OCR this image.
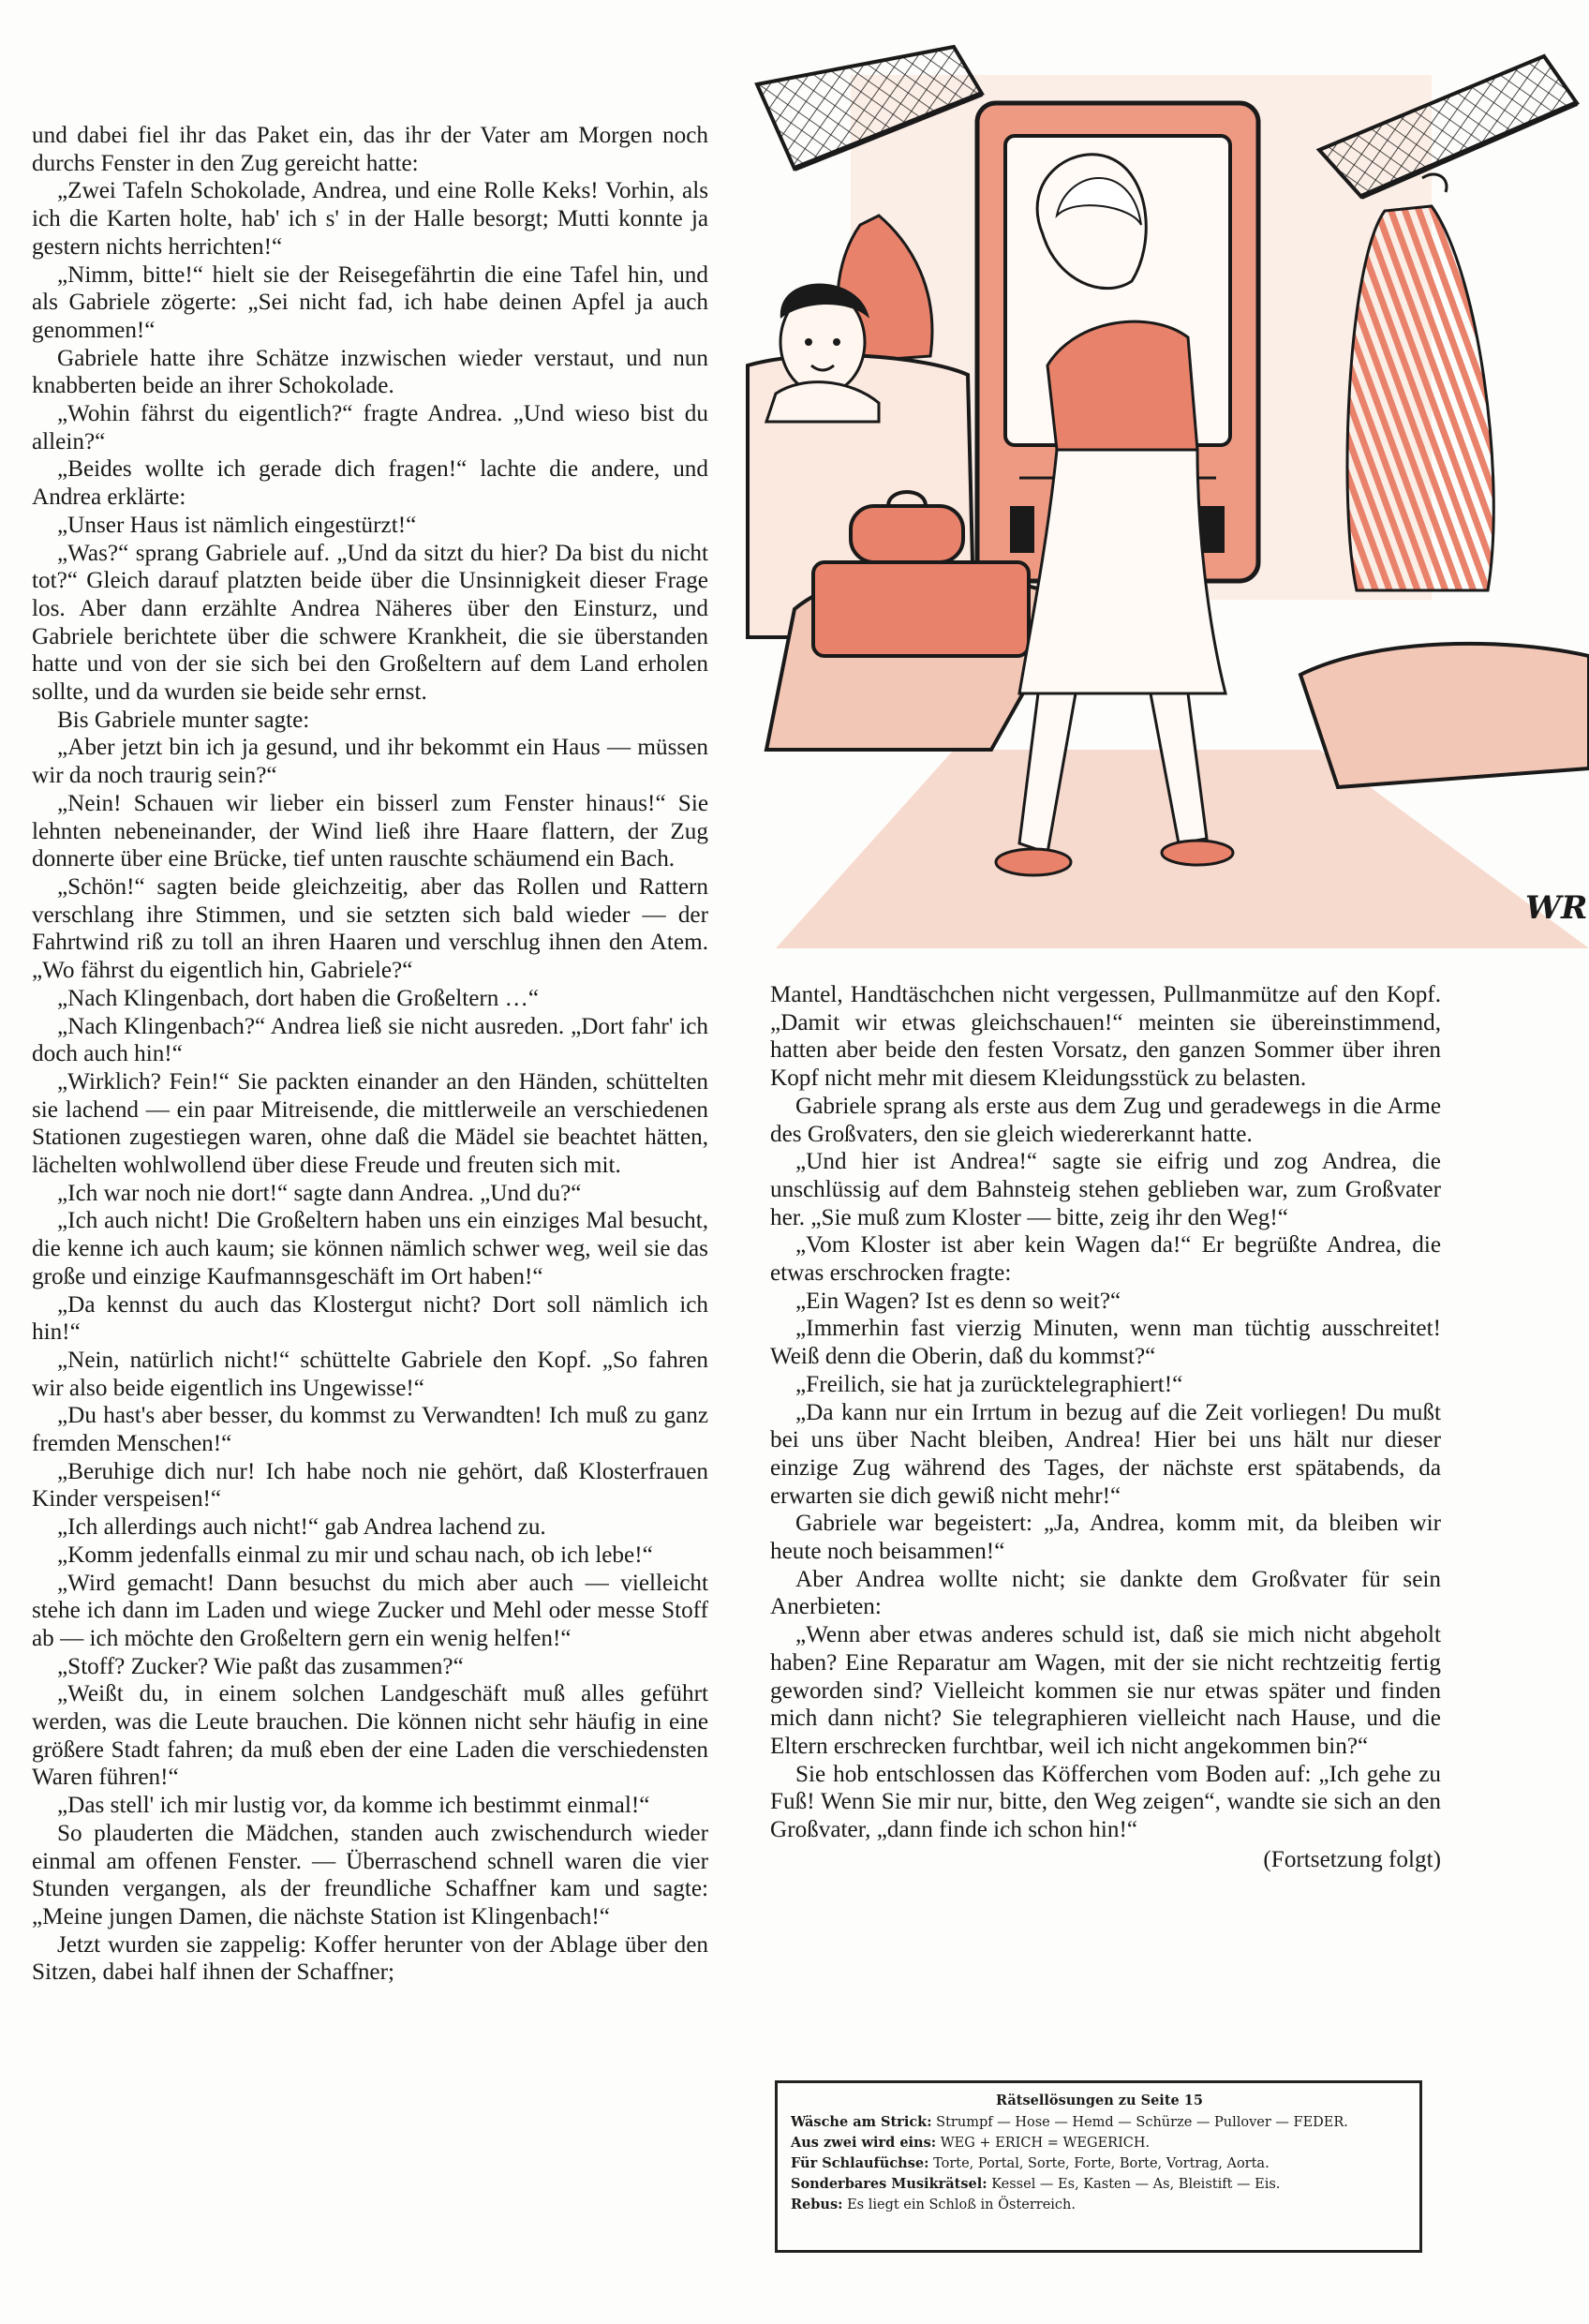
und dabei fiel ihr das Paket ein, das ihr der Vater am Morgen noch durchs Fenster in den Zug gereicht hatte:

„Zwei Tafeln Schokolade, Andrea, und eine Rolle Keks! Vorhin, als ich die Karten holte, hab' ich s' in der Halle besorgt; Mutti konnte ja gestern nichts herrichten!“

„Nimm, bitte!“ hielt sie der Reisegefährtin die eine Tafel hin, und als Gabriele zögerte: „Sei nicht fad, ich habe deinen Apfel ja auch genommen!“

Gabriele hatte ihre Schätze inzwischen wieder verstaut, und nun knabberten beide an ihrer Schokolade.

„Wohin fährst du eigentlich?“ fragte Andrea. „Und wieso bist du allein?“

„Beides wollte ich gerade dich fragen!“ lachte die andere, und Andrea erklärte:

„Unser Haus ist nämlich eingestürzt!“

„Was?“ sprang Gabriele auf. „Und da sitzt du hier? Da bist du nicht tot?“ Gleich darauf platzten beide über die Unsinnigkeit dieser Frage los. Aber dann erzählte Andrea Näheres über den Einsturz, und Gabriele berichtete über die schwere Krankheit, die sie überstanden hatte und von der sie sich bei den Großeltern auf dem Land erholen sollte, und da wurden sie beide sehr ernst.

Bis Gabriele munter sagte:

„Aber jetzt bin ich ja gesund, und ihr bekommt ein Haus — müssen wir da noch traurig sein?“

„Nein! Schauen wir lieber ein bisserl zum Fenster hinaus!“ Sie lehnten nebeneinander, der Wind ließ ihre Haare flattern, der Zug donnerte über eine Brücke, tief unten rauschte schäumend ein Bach.

„Schön!“ sagten beide gleichzeitig, aber das Rollen und Rattern verschlang ihre Stimmen, und sie setzten sich bald wieder — der Fahrtwind riß zu toll an ihren Haaren und verschlug ihnen den Atem. „Wo fährst du eigentlich hin, Gabriele?“

„Nach Klingenbach, dort haben die Großeltern …“

„Nach Klingenbach?“ Andrea ließ sie nicht ausreden. „Dort fahr' ich doch auch hin!“

„Wirklich? Fein!“ Sie packten einander an den Händen, schüttelten sie lachend — ein paar Mitreisende, die mittlerweile an verschiedenen Stationen zugestiegen waren, ohne daß die Mädel sie beachtet hätten, lächelten wohlwollend über diese Freude und freuten sich mit.

„Ich war noch nie dort!“ sagte dann Andrea. „Und du?“

„Ich auch nicht! Die Großeltern haben uns ein einziges Mal besucht, die kenne ich auch kaum; sie können nämlich schwer weg, weil sie das große und einzige Kaufmannsgeschäft im Ort haben!“

„Da kennst du auch das Klostergut nicht? Dort soll nämlich ich hin!“

„Nein, natürlich nicht!“ schüttelte Gabriele den Kopf. „So fahren wir also beide eigentlich ins Ungewisse!“

„Du hast's aber besser, du kommst zu Verwandten! Ich muß zu ganz fremden Menschen!“

„Beruhige dich nur! Ich habe noch nie gehört, daß Klosterfrauen Kinder verspeisen!“

„Ich allerdings auch nicht!“ gab Andrea lachend zu.

„Komm jedenfalls einmal zu mir und schau nach, ob ich lebe!“

„Wird gemacht! Dann besuchst du mich aber auch — vielleicht stehe ich dann im Laden und wiege Zucker und Mehl oder messe Stoff ab — ich möchte den Großeltern gern ein wenig helfen!“

„Stoff? Zucker? Wie paßt das zusammen?“

„Weißt du, in einem solchen Landgeschäft muß alles geführt werden, was die Leute brauchen. Die können nicht sehr häufig in eine größere Stadt fahren; da muß eben der eine Laden die verschiedensten Waren führen!“

„Das stell' ich mir lustig vor, da komme ich bestimmt einmal!“

So plauderten die Mädchen, standen auch zwischendurch wieder einmal am offenen Fenster. — Überraschend schnell waren die vier Stunden vergangen, als der freundliche Schaffner kam und sagte: „Meine jungen Damen, die nächste Station ist Klingenbach!“

Jetzt wurden sie zappelig: Koffer herunter von der Ablage über den Sitzen, dabei half ihnen der Schaffner;

WR

Mantel, Handtäschchen nicht vergessen, Pullmanmütze auf den Kopf. „Damit wir etwas gleichschauen!“ meinten sie übereinstimmend, hatten aber beide den festen Vorsatz, den ganzen Sommer über ihren Kopf nicht mehr mit diesem Kleidungsstück zu belasten.

Gabriele sprang als erste aus dem Zug und geradewegs in die Arme des Großvaters, den sie gleich wiedererkannt hatte.

„Und hier ist Andrea!“ sagte sie eifrig und zog Andrea, die unschlüssig auf dem Bahnsteig stehen geblieben war, zum Großvater her. „Sie muß zum Kloster — bitte, zeig ihr den Weg!“

„Vom Kloster ist aber kein Wagen da!“ Er begrüßte Andrea, die etwas erschrocken fragte:

„Ein Wagen? Ist es denn so weit?“

„Immerhin fast vierzig Minuten, wenn man tüchtig ausschreitet! Weiß denn die Oberin, daß du kommst?“

„Freilich, sie hat ja zurücktelegraphiert!“

„Da kann nur ein Irrtum in bezug auf die Zeit vorliegen! Du mußt bei uns über Nacht bleiben, Andrea! Hier bei uns hält nur dieser einzige Zug während des Tages, der nächste erst spätabends, da erwarten sie dich gewiß nicht mehr!“

Gabriele war begeistert: „Ja, Andrea, komm mit, da bleiben wir heute noch beisammen!“

Aber Andrea wollte nicht; sie dankte dem Großvater für sein Anerbieten:

„Wenn aber etwas anderes schuld ist, daß sie mich nicht abgeholt haben? Eine Reparatur am Wagen, mit der sie nicht rechtzeitig fertig geworden sind? Vielleicht kommen sie nur etwas später und finden mich dann nicht? Sie telegraphieren vielleicht nach Hause, und die Eltern erschrecken furchtbar, weil ich nicht angekommen bin?“

Sie hob entschlossen das Köfferchen vom Boden auf: „Ich gehe zu Fuß! Wenn Sie mir nur, bitte, den Weg zeigen“, wandte sie sich an den Großvater, „dann finde ich schon hin!“

(Fortsetzung folgt)

Rätsellösungen zu Seite 15

Wäsche am Strick: Strumpf — Hose — Hemd — Schürze — Pullover — FEDER.

Aus zwei wird eins: WEG + ERICH = WEGERICH.

Für Schlaufüchse: Torte, Portal, Sorte, Forte, Borte, Vortrag, Aorta.

Sonderbares Musikrätsel: Kessel — Es, Kasten — As, Bleistift — Eis.

Rebus: Es liegt ein Schloß in Österreich.
